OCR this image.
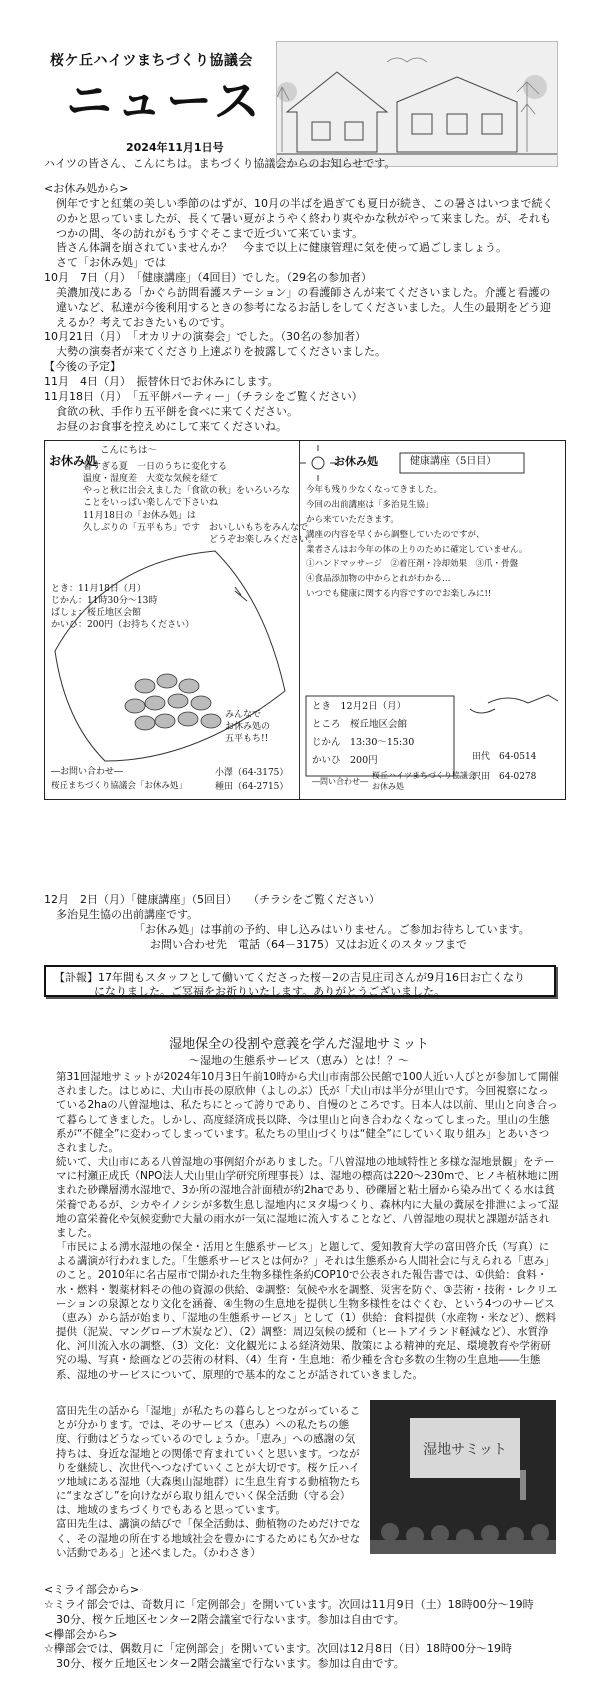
桜ケ丘ハイツまちづくり協議会
ニュース
2024年11月1日号

ハイツの皆さん、こんにちは。まちづくり協議会からのお知らせです。

<お休み処から>

例年ですと紅葉の美しい季節のはずが、10月の半ばを過ぎても夏日が続き、この暑さはいつまで続くのかと思っていましたが、長くて暑い夏がようやく終わり爽やかな秋がやって来ました。が、それもつかの間、冬の訪れがもうすぐそこまで近づいて来ています。

皆さん体調を崩されていませんか？　今まで以上に健康管理に気を使って過ごしましょう。

さて「お休み処」では

10月　7日（月）　「健康講座」（4回目）でした。（29名の参加者）

美濃加茂にある「かぐら訪問看護ステーション」の看護師さんが来てくださいました。介護と看護の違いなど、私達が今後利用するときの参考になるお話しをしてくださいました。人生の最期をどう迎えるか？考えておきたいものです。

10月21日（月）　「オカリナの演奏会」でした。（30名の参加者）

大勢の演奏者が来てくださり上達ぶりを披露してくださいました。

【今後の予定】

11月　4日（月）　振替休日でお休みにします。

11月18日（月）　「五平餅パーティー」（チラシをご覧ください）

食欲の秋、手作り五平餅を食べに来てください。

お昼のお食事を控えめにして来てくださいね。

お休み処
こんにちは〜
暑すぎる夏　一日のうちに変化する
温度・湿度差　大変な気候を経て
やっと秋に出会えました「食欲の秋」をいろいろな
ことをいっぱい楽しんで下さいね
11月18日の「お休み処」は
久しぶりの「五平もち」です　おいしいもちをみんなで
　　　　　　　　　　　　　　どうぞお楽しみください。
とき：11月18日（月）
じかん：11時30分〜13時
ばしょ：桜丘地区会館
かいひ：200円（お持ちください）
みんなで
お休み処の
五平もち!!
―お問い合わせ―
桜丘まちづくり協議会「お休み処」
小澤（64-3175）
種田（64-2715）
お休み処	健康講座（5日目）
今年も残り少なくなってきました。
今回の出前講座は「多治見生協」
から来ていただきます。
講座の内容を早くから調整していたのですが、
業者さんはお今年の体の上りのために確定していません。
①ハンドマッサージ　②着圧剤・冷却効果　③爪・骨盤
④食品添加物の中からとれがわかる…
いつでも健康に関する内容ですのでお楽しみに!!
とき　12月2日（月）
ところ　桜丘地区会館
じかん　13:30〜15:30
かいひ　200円
―問い合わせ―
桜丘ハイツまちづくり協議会
お休み処
田代　64-0514
沢田　64-0278

12月　2日（月）「健康講座」（5回目）　　（チラシをご覧ください）

多治見生協の出前講座です。

「お休み処」は事前の予約、申し込みはいりません。ご参加お待ちしています。

お問い合わせ先　電話（64－3175）又はお近くのスタッフまで

【訃報】17年間もスタッフとして働いてくださった桜－2の吉見庄司さんが9月16日お亡くなり
になりました。ご冥福をお祈りいたします。ありがとうございました。
湿地保全の役割や意義を学んだ湿地サミット
～湿地の生態系サービス（恵み）とは！？～

第31回湿地サミットが2024年10月3日午前10時から犬山市南部公民館で100人近い人びとが参加して開催されました。はじめに、犬山市長の原欣伸（よしのぶ）氏が「犬山市は半分が里山です。今回視察になっている2haの八曽湿地は、私たちにとって誇りであり、自慢のところです。日本人は以前、里山と向き合って暮らしてきました。しかし、高度経済成長以降、今は里山と向き合わなくなってしまった。里山の生態系が“不健全”に変わってしまっています。私たちの里山づくりは“健全”にしていく取り組み」とあいさつされました。

続いて、犬山市にある八曽湿地の事例紹介がありました。「八曽湿地の地域特性と多様な湿地景観」をテーマに村瀬正成氏（NPO法人犬山里山学研究所理事長）は、湿地の標高は220～230mで、ヒノキ植林地に囲まれた砂礫層湧水湿地で、3か所の湿地合計面積が約2haであり、砂礫層と粘土層から染み出てくる水は貧栄養であるが、シカやイノシシが多数生息し湿地内にヌタ場つくり、森林内に大量の糞尿を排泄によって湿地の富栄養化や気候変動で大量の雨水が一気に湿地に流入することなど、八曽湿地の現状と課題が話されました。

「市民による湧水湿地の保全・活用と生態系サービス」と題して、愛知教育大学の富田啓介氏（写真）による講演が行われました。「生態系サービスとは何か？」それは生態系から人間社会に与えられる「恵み」のこと。2010年に名古屋市で開かれた生物多様性条約COP10で公表された報告書では、①供給：食料・水・燃料・製薬材料その他の資源の供給、②調整：気候や水を調整、災害を防ぐ、③芸術・技術・レクリエーションの泉源となり文化を涵養、④生物の生息地を提供し生物多様性をはぐくむ、という4つのサービス（恵み）から話が始まり、「湿地の生態系サービス」として（1）供給：食料提供（水産物・米など）、燃料提供（泥炭、マングローブ木炭など）、（2）調整：周辺気候の緩和（ヒートアイランド軽減など）、水質浄化、河川流入水の調整、（3）文化：文化観光による経済効果、散策による精神的充足、環境教育や学術研究の場、写真・絵画などの芸術の材料、（4）生育・生息地：希少種を含む多数の生物の生息地――生態系、湿地のサービスについて、原理的で基本的なことが話されていきました。

富田先生の話から「湿地」が私たちの暮らしとつながっていることが分かります。では、そのサービス（恵み）への私たちの態度、行動はどうなっているのでしょうか。「恵み」への感謝の気持ちは、身近な湿地との関係で育まれていくと思います。つながりを継続し、次世代へつなげていくことが大切です。桜ケ丘ハイツ地域にある湿地（大森奥山湿地群）に生息生育する動植物たちに“まなざし”を向けながら取り組んでいく保全活動（守る会）は、地域のまちづくりでもあると思っています。

富田先生は、講演の結びで「保全活動は、動植物のためだけでなく、その湿地の所在する地域社会を豊かにするためにも欠かせない活動である」と述べました。（かわさき）

湿地サミット

<ミライ部会から>

☆ミライ部会では、奇数月に「定例部会」を開いています。次回は11月9日（土）18時00分～19時

30分、桜ケ丘地区センター2階会議室で行ないます。参加は自由です。

<欅部会から>

☆欅部会では、偶数月に「定例部会」を開いています。次回は12月8日（日）18時00分～19時

30分、桜ケ丘地区センター2階会議室で行ないます。参加は自由です。
